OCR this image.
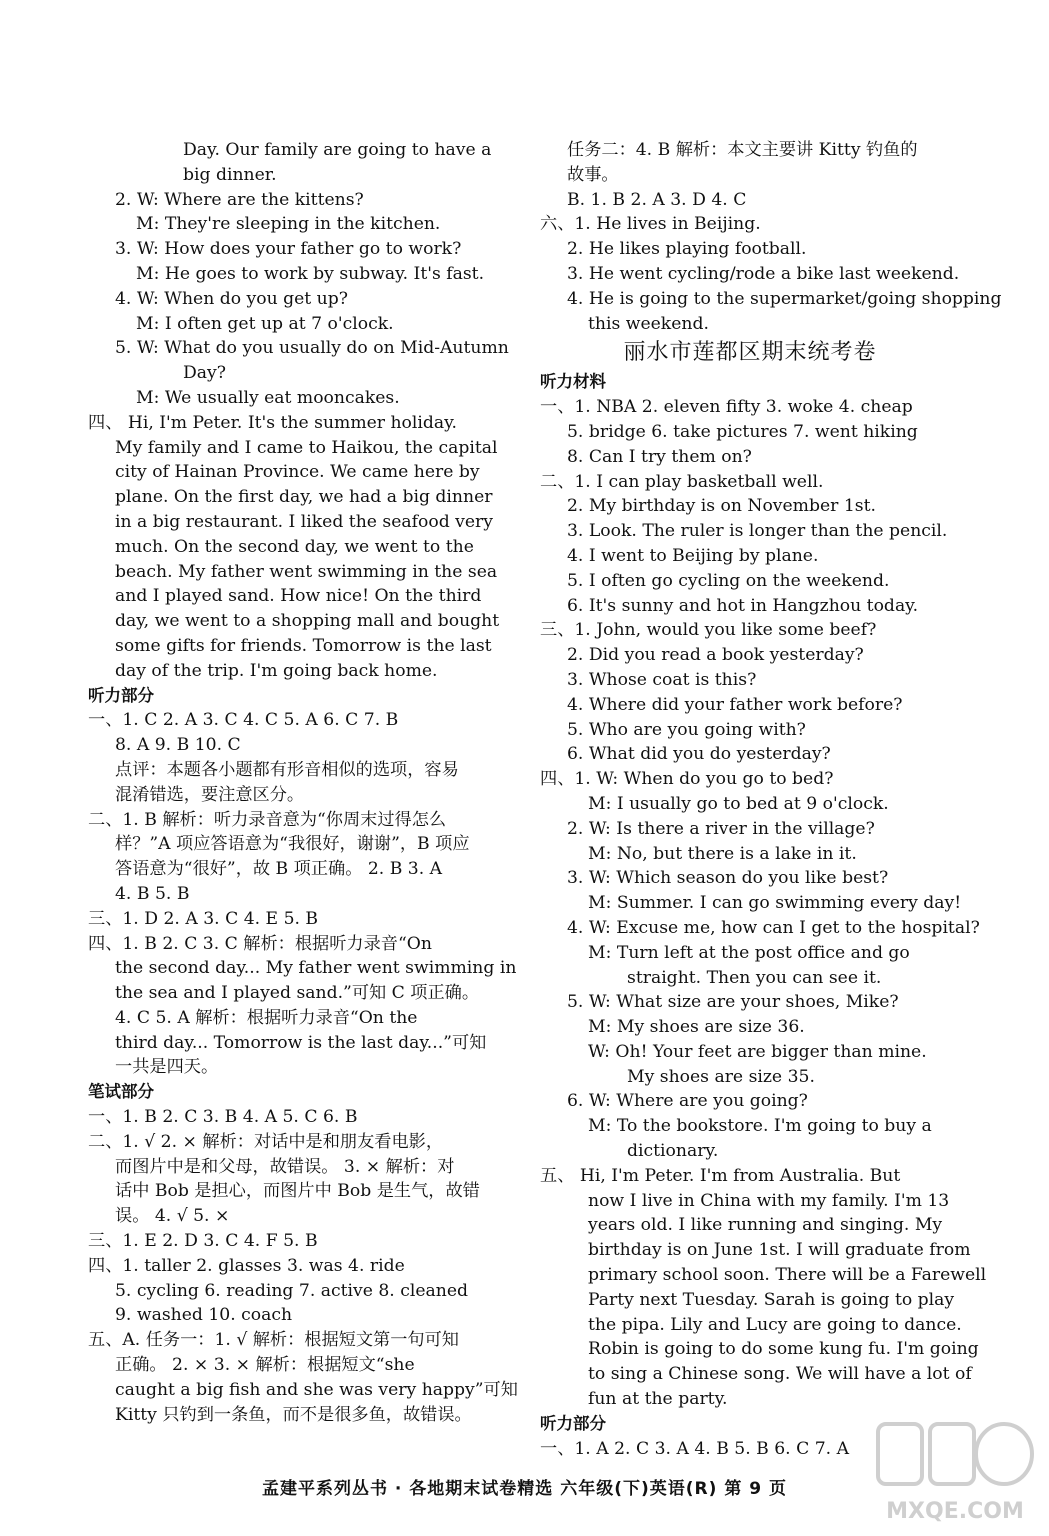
Day. Our family are going to have a
big dinner.
2. W: Where are the kittens?
M: They're sleeping in the kitchen.
3. W: How does your father go to work?
M: He goes to work by subway. It's fast.
4. W: When do you get up?
M: I often get up at 7 o'clock.
5. W: What do you usually do on Mid-Autumn
Day?
M: We usually eat mooncakes.
四、 Hi, I'm Peter. It's the summer holiday.
My family and I came to Haikou, the capital
city of Hainan Province. We came here by
plane. On the first day, we had a big dinner
in a big restaurant. I liked the seafood very
much. On the second day, we went to the
beach. My father went swimming in the sea
and I played sand. How nice! On the third
day, we went to a shopping mall and bought
some gifts for friends. Tomorrow is the last
day of the trip. I'm going back home.
听力部分
一、1. C 2. A 3. C 4. C 5. A 6. C 7. B
8. A 9. B 10. C
点评：本题各小题都有形音相似的选项，容易
混淆错选，要注意区分。
二、1. B 解析：听力录音意为“你周末过得怎么
样？”A 项应答语意为“我很好，谢谢”，B 项应
答语意为“很好”，故 B 项正确。 2. B 3. A
4. B 5. B
三、1. D 2. A 3. C 4. E 5. B
四、1. B 2. C 3. C 解析：根据听力录音“On
the second day... My father went swimming in
the sea and I played sand.”可知 C 项正确。
4. C 5. A 解析：根据听力录音“On the
third day... Tomorrow is the last day...”可知
一共是四天。
笔试部分
一、1. B 2. C 3. B 4. A 5. C 6. B
二、1. √ 2. × 解析：对话中是和朋友看电影，
而图片中是和父母，故错误。 3. × 解析：对
话中 Bob 是担心，而图片中 Bob 是生气，故错
误。 4. √ 5. ×
三、1. E 2. D 3. C 4. F 5. B
四、1. taller 2. glasses 3. was 4. ride
5. cycling 6. reading 7. active 8. cleaned
9. washed 10. coach
五、A. 任务一：1. √ 解析：根据短文第一句可知
正确。 2. × 3. × 解析：根据短文“she
caught a big fish and she was very happy”可知
Kitty 只钓到一条鱼，而不是很多鱼，故错误。
任务二：4. B 解析：本文主要讲 Kitty 钓鱼的
故事。
B. 1. B 2. A 3. D 4. C
六、1. He lives in Beijing.
2. He likes playing football.
3. He went cycling/rode a bike last weekend.
4. He is going to the supermarket/going shopping
this weekend.
丽水市莲都区期末统考卷
听力材料
一、1. NBA 2. eleven fifty 3. woke 4. cheap
5. bridge 6. take pictures 7. went hiking
8. Can I try them on?
二、1. I can play basketball well.
2. My birthday is on November 1st.
3. Look. The ruler is longer than the pencil.
4. I went to Beijing by plane.
5. I often go cycling on the weekend.
6. It's sunny and hot in Hangzhou today.
三、1. John, would you like some beef?
2. Did you read a book yesterday?
3. Whose coat is this?
4. Where did your father work before?
5. Who are you going with?
6. What did you do yesterday?
四、1. W: When do you go to bed?
M: I usually go to bed at 9 o'clock.
2. W: Is there a river in the village?
M: No, but there is a lake in it.
3. W: Which season do you like best?
M: Summer. I can go swimming every day!
4. W: Excuse me, how can I get to the hospital?
M: Turn left at the post office and go
straight. Then you can see it.
5. W: What size are your shoes, Mike?
M: My shoes are size 36.
W: Oh! Your feet are bigger than mine.
My shoes are size 35.
6. W: Where are you going?
M: To the bookstore. I'm going to buy a
dictionary.
五、 Hi, I'm Peter. I'm from Australia. But
now I live in China with my family. I'm 13
years old. I like running and singing. My
birthday is on June 1st. I will graduate from
primary school soon. There will be a Farewell
Party next Tuesday. Sarah is going to play
the pipa. Lily and Lucy are going to dance.
Robin is going to do some kung fu. I'm going
to sing a Chinese song. We will have a lot of
fun at the party.
听力部分
一、1. A 2. C 3. A 4. B 5. B 6. C 7. A
孟建平系列丛书 · 各地期末试卷精选 六年级(下)英语(R) 第 9 页
MXQE.COM
